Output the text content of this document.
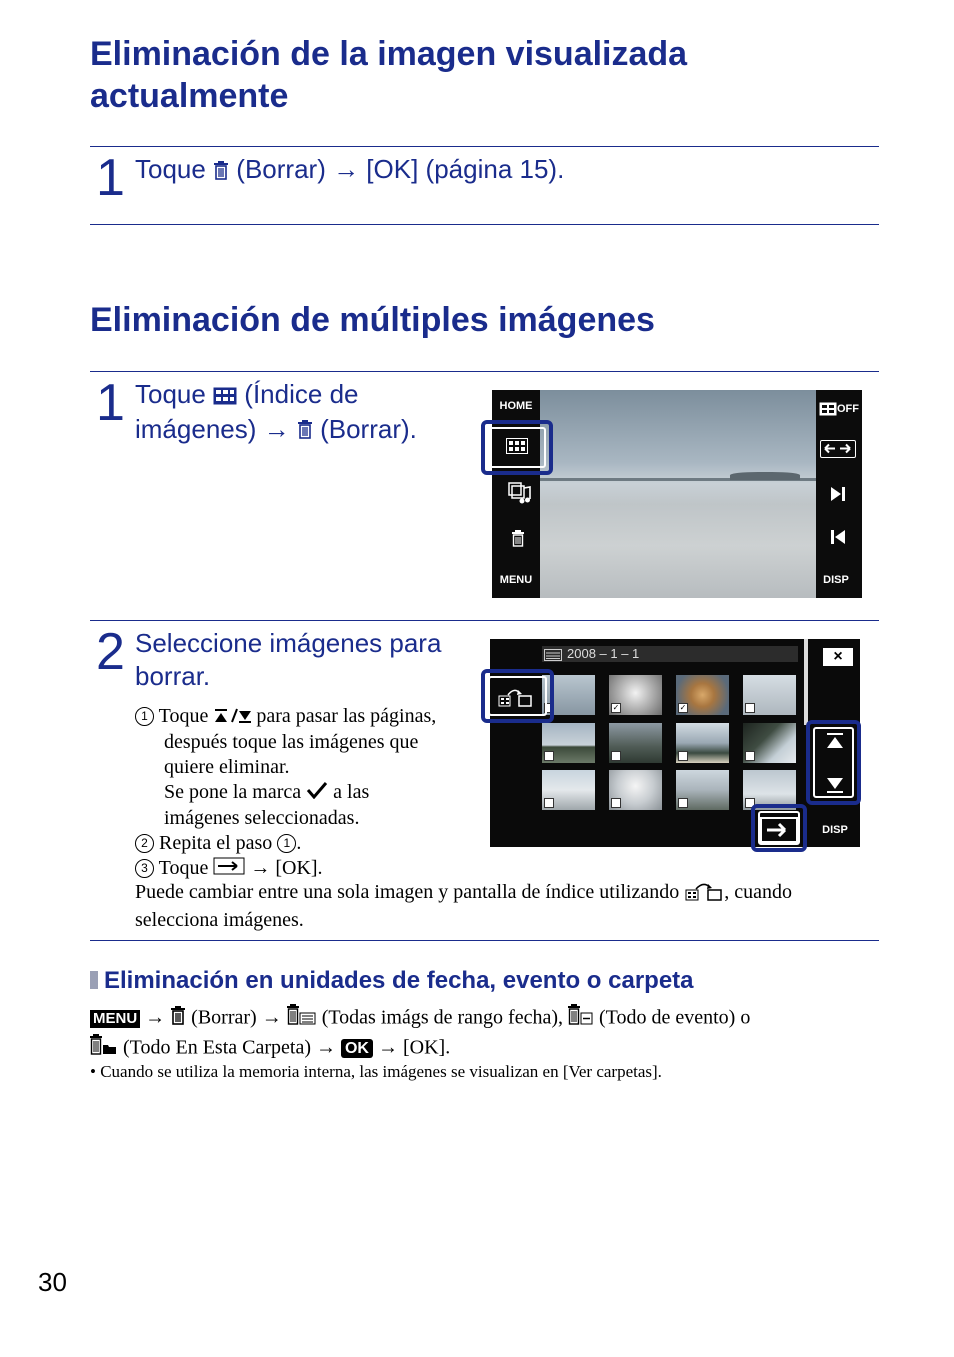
Eliminación de la imagen visualizada
actualmente
1 Toque  (Borrar) → [OK] (página 15).
Eliminación de múltiples imágenes
1 Toque  (Índice de
imágenes) →  (Borrar).
HOME
MENU
OFF
DISP
2 Seleccione imágenes para
borrar.
1 Toque  para pasar las páginas,
después toque las imágenes que
quiere eliminar.
Se pone la marca  a las
imágenes seleccionadas.
2 Repita el paso 1 .
3 Toque  → [OK].
Puede cambiar entre una sola imagen y pantalla de índice utilizando , cuando
selecciona imágenes.
2008 – 1 – 1	×
✓	✓
DISP
Eliminación en unidades de fecha, evento o carpeta
MENU →  (Borrar) →  (Todas imágs de rango fecha),  (Todo de evento) o
(Todo En Esta Carpeta) → OK → [OK].
• Cuando se utiliza la memoria interna, las imágenes se visualizan en [Ver carpetas].
30
